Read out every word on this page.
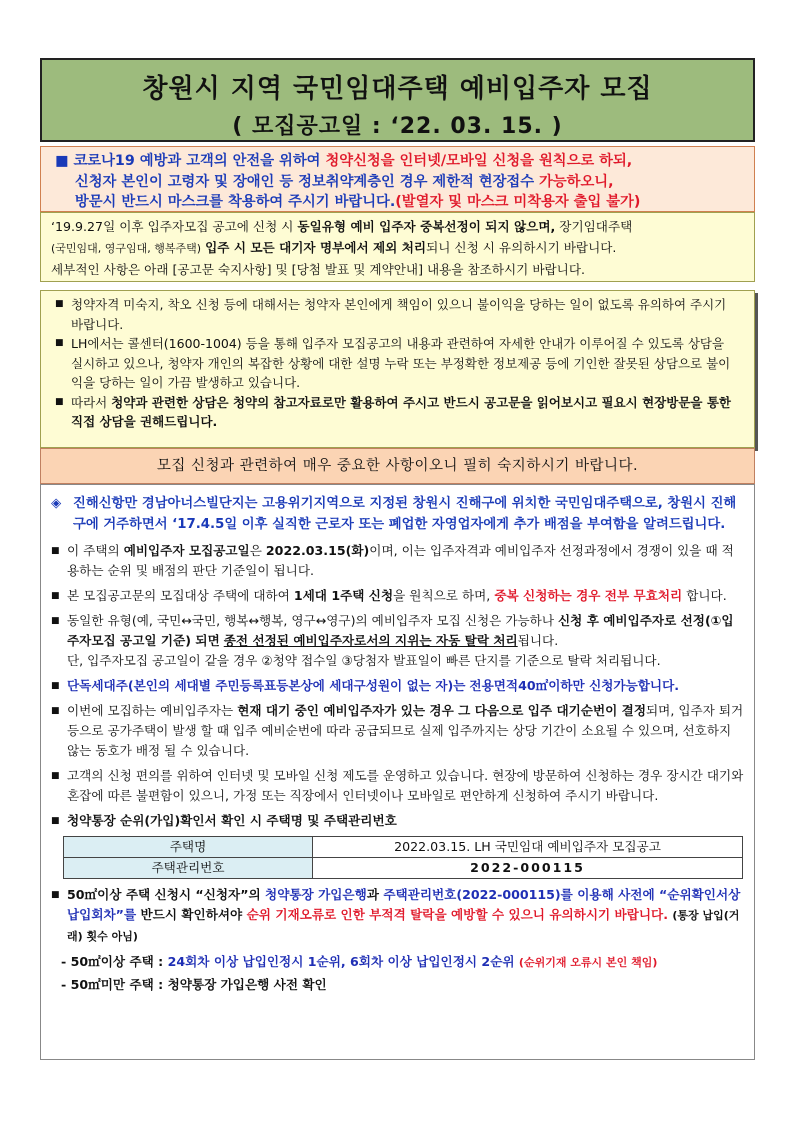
창원시 지역 국민임대주택 예비입주자 모집
( 모집공고일 : ‘22. 03. 15. )
■ 코로나19 예방과 고객의 안전을 위하여 청약신청을 인터넷/모바일 신청을 원칙으로 하되,
신청자 본인이 고령자 및 장애인 등 정보취약계층인 경우 제한적 현장접수 가능하오니,
방문시 반드시 마스크를 착용하여 주시기 바랍니다.(발열자 및 마스크 미착용자 출입 불가)
‘19.9.27일 이후 입주자모집 공고에 신청 시 동일유형 예비 입주자 중복선정이 되지 않으며, 장기임대주택
(국민임대, 영구임대, 행복주택) 입주 시 모든 대기자 명부에서 제외 처리되니 신청 시 유의하시기 바랍니다.
세부적인 사항은 아래 [공고문 숙지사항] 및 [당첨 발표 및 계약안내] 내용을 참조하시기 바랍니다.
■ 청약자격 미숙지, 착오 신청 등에 대해서는 청약자 본인에게 책임이 있으니 불이익을 당하는 일이 없도록 유의하여 주시기 바랍니다.
■ LH에서는 콜센터(1600-1004) 등을 통해 입주자 모집공고의 내용과 관련하여 자세한 안내가 이루어질 수 있도록 상담을 실시하고 있으나, 청약자 개인의 복잡한 상황에 대한 설명 누락 또는 부정확한 정보제공 등에 기인한 잘못된 상담으로 불이익을 당하는 일이 가끔 발생하고 있습니다.
■ 따라서 청약과 관련한 상담은 청약의 참고자료로만 활용하여 주시고 반드시 공고문을 읽어보시고 필요시 현장방문을 통한 직접 상담을 권해드립니다.
모집 신청과 관련하여 매우 중요한 사항이오니 필히 숙지하시기 바랍니다.
◈ 진해신항만 경남아너스빌단지는 고용위기지역으로 지정된 창원시 진해구에 위치한 국민임대주택으로, 창원시 진해구에 거주하면서 ‘17.4.5일 이후 실직한 근로자 또는 폐업한 자영업자에게 추가 배점을 부여함을 알려드립니다.
■ 이 주택의 예비입주자 모집공고일은 2022.03.15(화)이며, 이는 입주자격과 예비입주자 선정과정에서 경쟁이 있을 때 적용하는 순위 및 배점의 판단 기준일이 됩니다.
■ 본 모집공고문의 모집대상 주택에 대하여 1세대 1주택 신청을 원칙으로 하며, 중복 신청하는 경우 전부 무효처리 합니다.
■ 동일한 유형(예, 국민↔국민, 행복↔행복, 영구↔영구)의 예비입주자 모집 신청은 가능하나 신청 후 예비입주자로 선정(①입주자모집 공고일 기준) 되면 종전 선정된 예비입주자로서의 지위는 자동 탈락 처리됩니다.
단, 입주자모집 공고일이 같을 경우 ②청약 접수일 ③당첨자 발표일이 빠른 단지를 기준으로 탈락 처리됩니다.
■ 단독세대주(본인의 세대별 주민등록표등본상에 세대구성원이 없는 자)는 전용면적40㎡이하만 신청가능합니다.
■ 이번에 모집하는 예비입주자는 현재 대기 중인 예비입주자가 있는 경우 그 다음으로 입주 대기순번이 결정되며, 입주자 퇴거 등으로 공가주택이 발생 할 때 입주 예비순번에 따라 공급되므로 실제 입주까지는 상당 기간이 소요될 수 있으며, 선호하지 않는 동호가 배정 될 수 있습니다.
■ 고객의 신청 편의를 위하여 인터넷 및 모바일 신청 제도를 운영하고 있습니다. 현장에 방문하여 신청하는 경우 장시간 대기와 혼잡에 따른 불편함이 있으니, 가정 또는 직장에서 인터넷이나 모바일로 편안하게 신청하여 주시기 바랍니다.
■ 청약통장 순위(가입)확인서 확인 시 주택명 및 주택관리번호
주택명	2022.03.15. LH 국민임대 예비입주자 모집공고
주택관리번호	2022-000115
■ 50㎡이상 주택 신청시 “신청자”의 청약통장 가입은행과 주택관리번호(2022-000115)를 이용해 사전에 “순위확인서상 납입회차”를 반드시 확인하셔야 순위 기재오류로 인한 부적격 탈락을 예방할 수 있으니 유의하시기 바랍니다. (통장 납입(거래) 횟수 아님)
- 50㎡이상 주택 : 24회차 이상 납입인정시 1순위, 6회차 이상 납입인정시 2순위 (순위기재 오류시 본인 책임)
- 50㎡미만 주택 : 청약통장 가입은행 사전 확인
